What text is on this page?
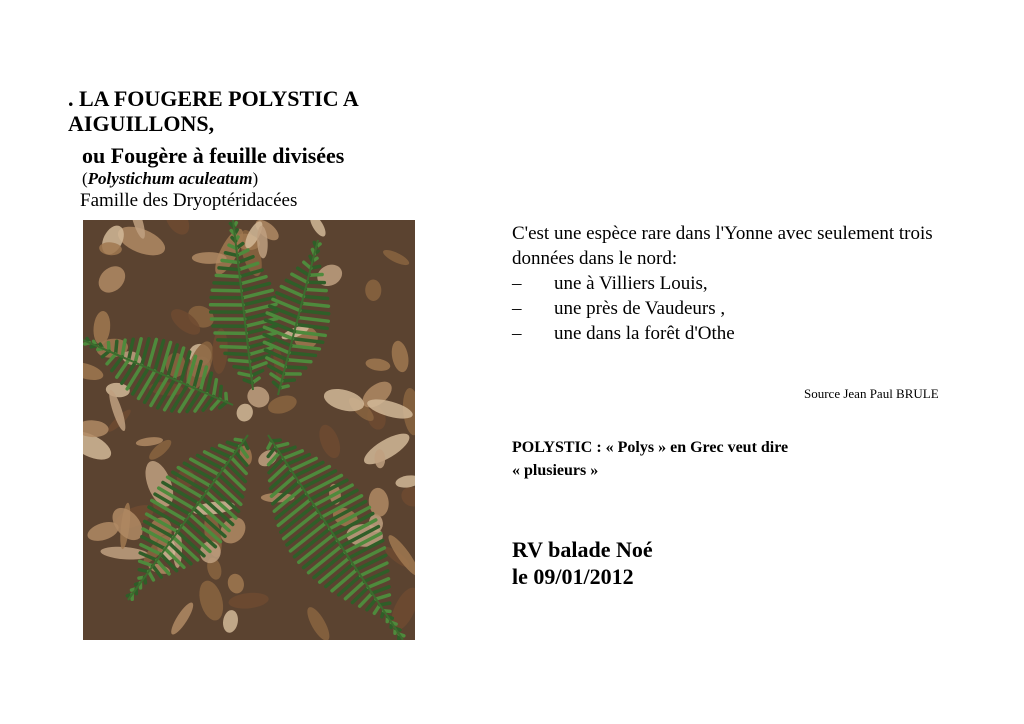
. LA FOUGERE POLYSTIC A AIGUILLONS,
ou Fougère à feuille divisées
(Polystichum aculeatum)
Famille des Dryoptéridacées

C'est une espèce rare dans l'Yonne avec seulement trois données dans le nord:

– une à Villiers Louis,
– une près de Vaudeurs ,
– une dans la forêt d'Othe
Source Jean Paul BRULE
POLYSTIC : « Polys » en Grec veut dire
« plusieurs »
RV balade Noé
le 09/01/2012
